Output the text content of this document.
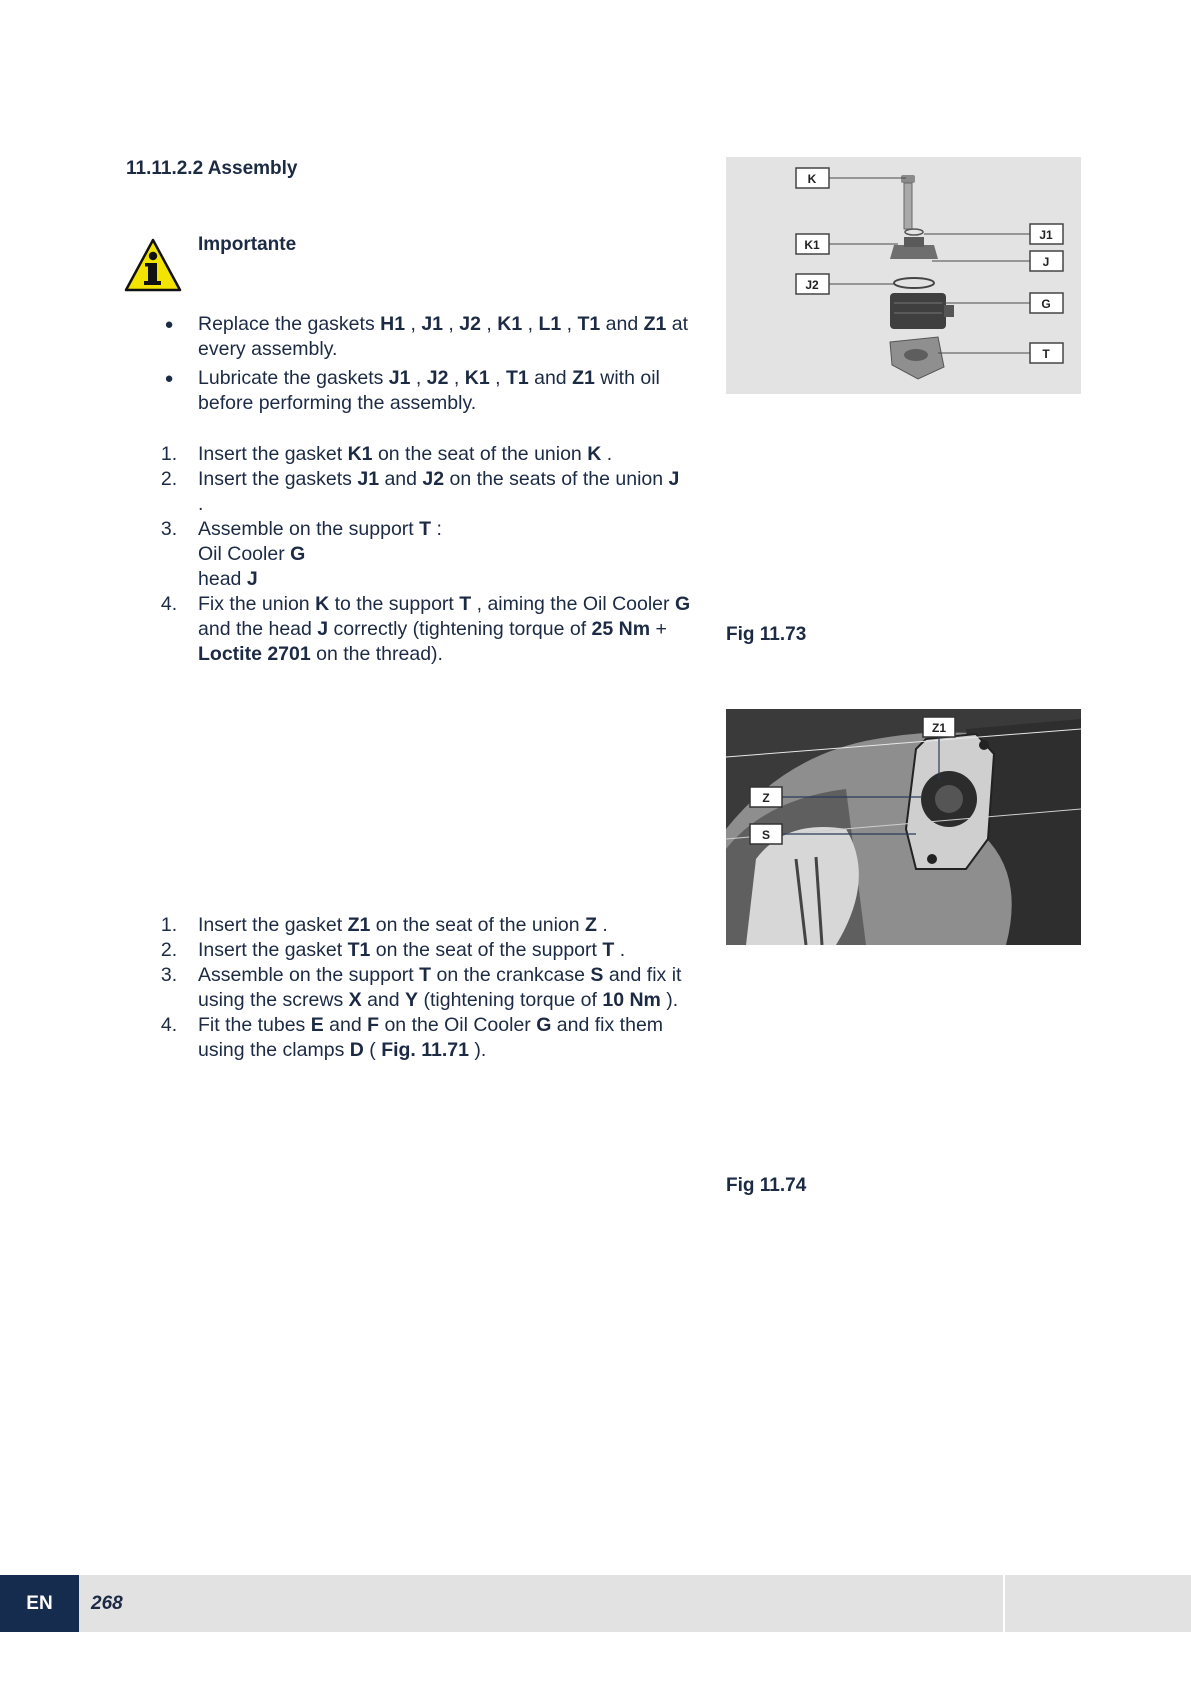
11.11.2.2 Assembly
Importante
●	Replace the gaskets H1 , J1 , J2 , K1 , L1 , T1 and Z1 at every assembly.
●	Lubricate the gaskets J1 , J2 , K1 , T1 and Z1 with oil before performing the assembly.
1.	Insert the gasket K1 on the seat of the union K .
2.	Insert the gaskets J1 and J2 on the seats of the union J
.
3.	Assemble on the support T :
Oil Cooler G
head J
4.	Fix the union K to the support T , aiming the Oil Cooler G and the head J correctly (tightening torque of 25 Nm + Loctite 2701 on the thread).
1.	Insert the gasket Z1 on the seat of the union Z .
2.	Insert the gasket T1 on the seat of the support T .
3.	Assemble on the support T on the crankcase S and fix it using the screws X and Y (tightening torque of 10 Nm ).
4.	Fit the tubes E and F on the Oil Cooler G and fix them using the clamps D ( Fig. 11.71 ).
K
K1
J2
J1
J
G
T
Fig 11.73
Z1
Z
S
Fig 11.74
EN	268
